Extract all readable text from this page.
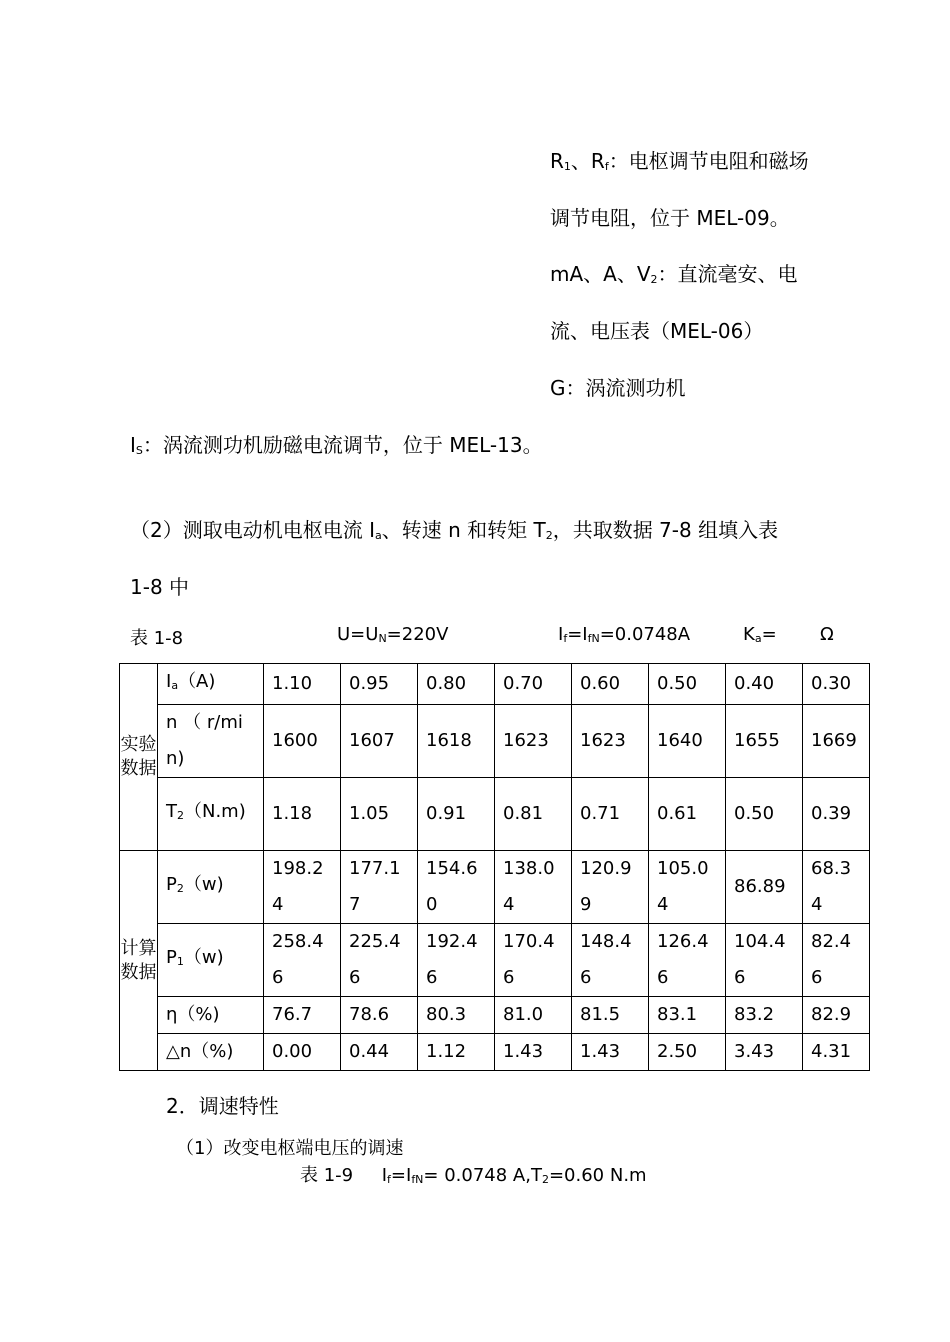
$R_1$、$R_f$：电枢调节电阻和磁场
调节电阻，位于 MEL-09。
mA、A、$V_2$：直流毫安、电
流、电压表（MEL-06）
G：涡流测功机
$I_S$：涡流测功机励磁电流调节，位于 MEL-13。
（2）测取电动机电枢电流 $I_a$、转速 n 和转矩 $T_2$，共取数据 7-8 组填入表
1-8 中
表 1-8	$U=U_N=220V$	$I_f=I_{fN}=0.0748A$	$K_a= \Omega$
实验数据	$I_a(A)$	1.10	0.95	0.80	0.70	0.60	0.50	0.40	0.30
	n （ r/min)	1600	1607	1618	1623	1623	1640	1655	1669
	$T_2(N.m)$	1.18	1.05	0.91	0.81	0.71	0.61	0.50	0.39
计算数据	$P_2(w)$	198.24	177.17	154.60	138.04	120.99	105.04	86.89	68.34
	$P_1(w)$	258.46	225.46	192.46	170.46	148.46	126.46	104.46	82.46
	η（%)	76.7	78.6	80.3	81.0	81.5	83.1	83.2	82.9
	△n（%)	0.00	0.44	1.12	1.43	1.43	2.50	3.43	4.31
2．调速特性
（1）改变电枢端电压的调速
表 1-9 $I_f=I_{fN}= 0.0748$ $A,T_2=0.60$ N.m
